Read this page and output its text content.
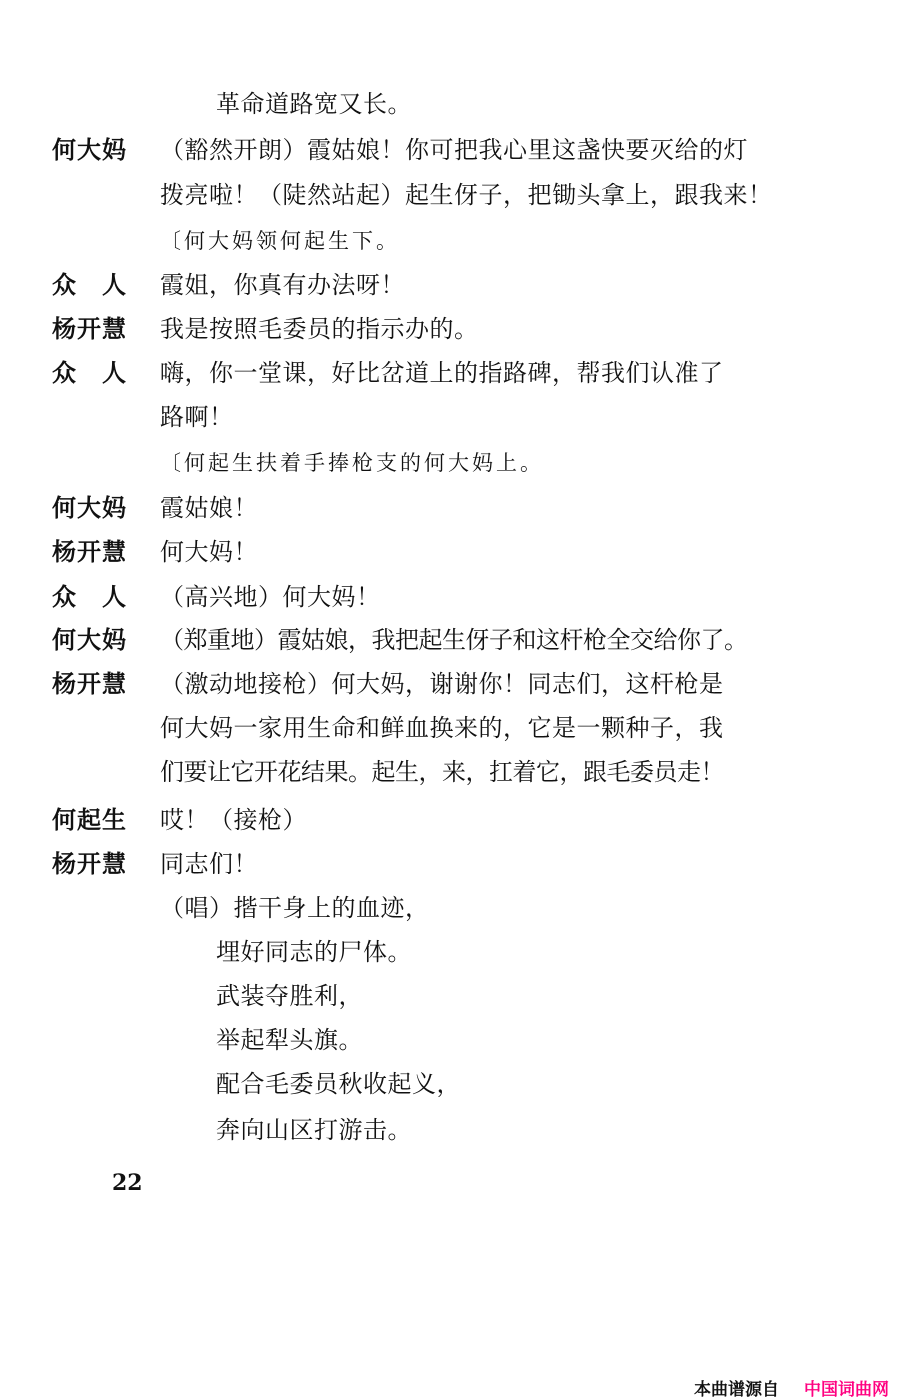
革命道路宽又长。
何大妈 （豁然开朗）霞姑娘！你可把我心里这盏快要灭给的灯
拨亮啦！（陡然站起）起生伢子，把锄头拿上，跟我来！
〔何大妈领何起生下。
众　人 霞姐，你真有办法呀！
杨开慧 我是按照毛委员的指示办的。
众　人 嗨，你一堂课，好比岔道上的指路碑，帮我们认准了
路啊！
〔何起生扶着手捧枪支的何大妈上。
何大妈 霞姑娘！
杨开慧 何大妈！
众　人 （高兴地）何大妈！
何大妈 （郑重地）霞姑娘，我把起生伢子和这杆枪全交给你了。
杨开慧 （激动地接枪）何大妈，谢谢你！同志们，这杆枪是
何大妈一家用生命和鲜血换来的，它是一颗种子，我
们要让它开花结果。起生，来，扛着它，跟毛委员走！
何起生 哎！（接枪）
杨开慧 同志们！
（唱）揩干身上的血迹，
埋好同志的尸体。
武装夺胜利，
举起犁头旗。
配合毛委员秋收起义，
奔向山区打游击。
22
本曲谱源自 中国词曲网
